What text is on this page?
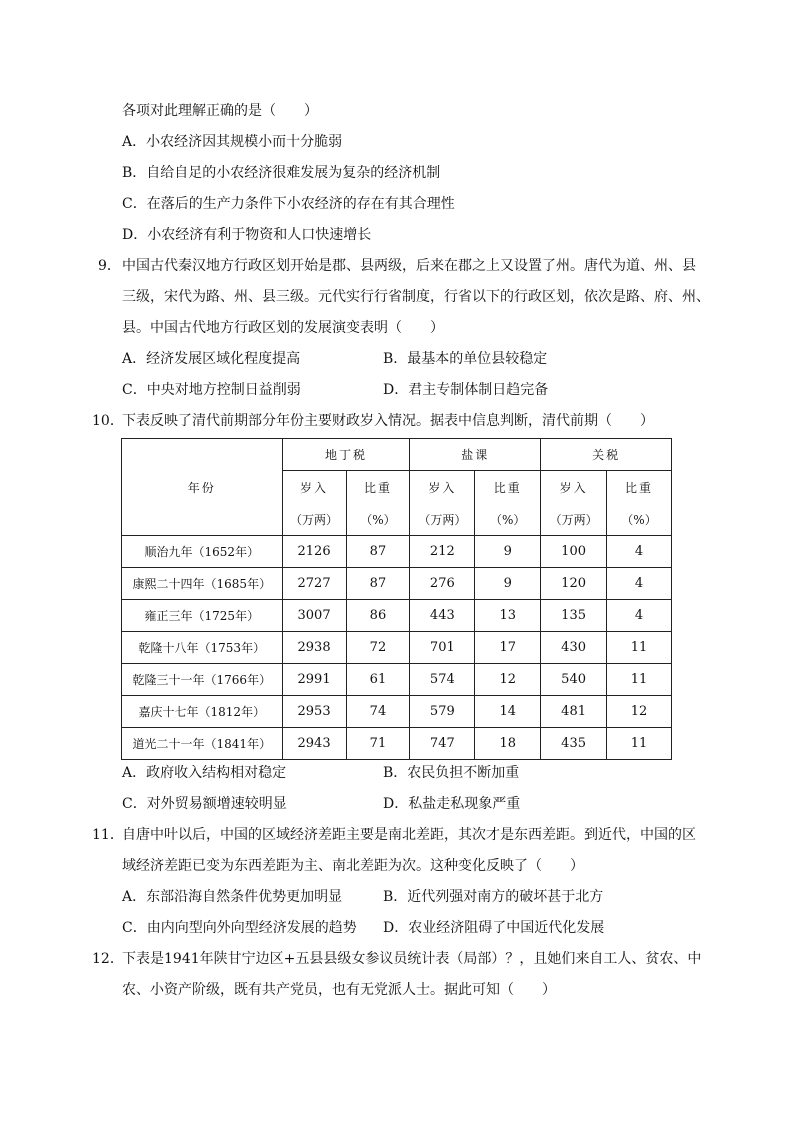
各项对此理解正确的是（　　）
A．小农经济因其规模小而十分脆弱
B．自给自足的小农经济很难发展为复杂的经济机制
C．在落后的生产力条件下小农经济的存在有其合理性
D．小农经济有利于物资和人口快速增长
9． 中国古代秦汉地方行政区划开始是郡、县两级，后来在郡之上又设置了州。唐代为道、州、县
三级，宋代为路、州、县三级。元代实行行省制度，行省以下的行政区划，依次是路、府、州、
县。中国古代地方行政区划的发展演变表明（　　）
A．经济发展区域化程度提高	B．最基本的单位县较稳定
C．中央对地方控制日益削弱	D．君主专制体制日趋完备
10．
下表反映了清代前期部分年份主要财政岁入情况。据表中信息判断，清代前期（　　）
年份	地丁税		盐课		关税	
	岁入	比重	岁入	比重	岁入	比重
	（万两）	（%）	（万两）	（%）	（万两）	（%）
顺治九年（1652年）	2126	87	212	9	100	4
康熙二十四年（1685年）	2727	87	276	9	120	4
雍正三年（1725年）	3007	86	443	13	135	4
乾隆十八年（1753年）	2938	72	701	17	430	11
乾隆三十一年（1766年）	2991	61	574	12	540	11
嘉庆十七年（1812年）	2953	74	579	14	481	12
道光二十一年（1841年）	2943	71	747	18	435	11
A．政府收入结构相对稳定	B．农民负担不断加重
C．对外贸易额增速较明显	D．私盐走私现象严重
11．
自唐中叶以后，中国的区域经济差距主要是南北差距，其次才是东西差距。到近代，中国的区
域经济差距已变为东西差距为主、南北差距为次。这种变化反映了（　　）
A．东部沿海自然条件优势更加明显	B．近代列强对南方的破坏甚于北方
C．由内向型向外向型经济发展的趋势 D．农业经济阻碍了中国近代化发展
12．
下表是1941年陕甘宁边区+五县县级女参议员统计表（局部）？，且她们来自工人、贫农、中
农、小资产阶级，既有共产党员，也有无党派人士。据此可知（　　）
